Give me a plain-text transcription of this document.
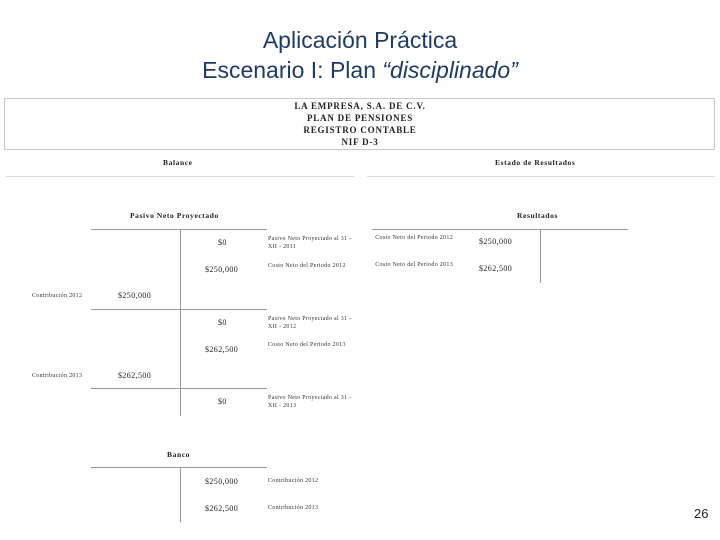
Aplicación Práctica
Escenario I: Plan “disciplinado”
LA EMPRESA, S.A. DE C.V.
PLAN DE PENSIONES
REGISTRO CONTABLE
NIF D-3
Balance	Estado de Resultados
Pasivo Neto Proyectado
$0	Pasivo Neto Proyectado al 31 - XII - 2011
$250,000	Costo Neto del Periodo 2012
Contribución 2012	$250,000
$0	Pasivo Neto Proyectado al 31 - XII - 2012
$262,500	Costo Neto del Periodo 2013
Contribución 2013	$262,500
$0	Pasivo Neto Proyectado al 31 - XII - 2013
Resultados
Costo Neto del Periodo 2012	$250,000
Costo Neto del Periodo 2013	$262,500
Banco
$250,000	Contribución 2012
$262,500	Contribución 2013	26
